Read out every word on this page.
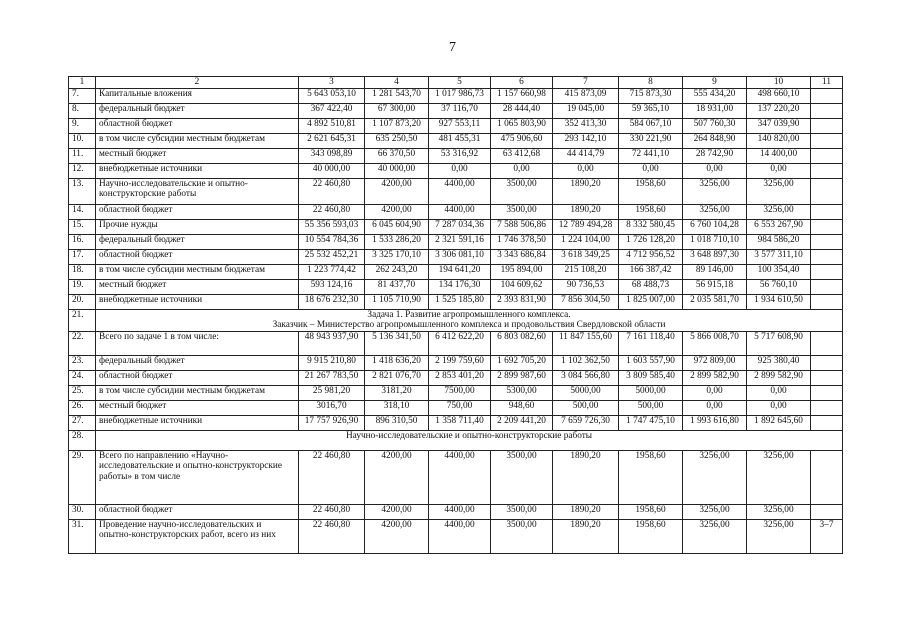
7
1	2	3	4	5	6	7	8	9	10	11
7.	Капитальные вложения	5 643 053,10	1 281 543,70	1 017 986,73	1 157 660,98	415 873,09	715 873,30	555 434,20	498 660,10	
8.	федеральный бюджет	367 422,40	67 300,00	37 116,70	28 444,40	19 045,00	59 365,10	18 931,00	137 220,20	
9.	областной бюджет	4 892 510,81	1 107 873,20	927 553,11	1 065 803,90	352 413,30	584 067,10	507 760,30	347 039,90	
10.	в том числе субсидии местным бюджетам	2 621 645,31	635 250,50	481 455,31	475 906,60	293 142,10	330 221,90	264 848,90	140 820,00	
11.	местный бюджет	343 098,89	66 370,50	53 316,92	63 412,68	44 414,79	72 441,10	28 742,90	14 400,00	
12.	внебюджетные источники	40 000,00	40 000,00	0,00	0,00	0,00	0,00	0,00	0,00	
13.	Научно-исследовательские и опытно-конструкторские работы	22 460,80	4200,00	4400,00	3500,00	1890,20	1958,60	3256,00	3256,00	
14.	областной бюджет	22 460,80	4200,00	4400,00	3500,00	1890,20	1958,60	3256,00	3256,00	
15.	Прочие нужды	55 356 593,03	6 045 604,90	7 287 034,36	7 588 506,86	12 789 494,28	8 332 580,45	6 760 104,28	6 553 267,90	
16.	федеральный бюджет	10 554 784,36	1 533 286,20	2 321 591,16	1 746 378,50	1 224 104,00	1 726 128,20	1 018 710,10	984 586,20	
17.	областной бюджет	25 532 452,21	3 325 170,10	3 306 081,10	3 343 686,84	3 618 349,25	4 712 956,52	3 648 897,30	3 577 311,10	
18.	в том числе субсидии местным бюджетам	1 223 774,42	262 243,20	194 641,20	195 894,00	215 108,20	166 387,42	89 146,00	100 354,40	
19.	местный бюджет	593 124,16	81 437,70	134 176,30	104 609,62	90 736,53	68 488,73	56 915,18	56 760,10	
20.	внебюджетные источники	18 676 232,30	1 105 710,90	1 525 185,80	2 393 831,90	7 856 304,50	1 825 007,00	2 035 581,70	1 934 610,50	
21.	Задача 1. Развитие агропромышленного комплекса.
Заказчик – Министерство агропромышленного комплекса и продовольствия Свердловской области									

22.	Всего по задаче 1 в том числе:	48 943 937,90	5 136 341,50	6 412 622,20	6 803 082,60	11 847 155,60	7 161 118,40	5 866 008,70	5 717 608,90	
23.	федеральный бюджет	9 915 210,80	1 418 636,20	2 199 759,60	1 692 705,20	1 102 362,50	1 603 557,90	972 809,00	925 380,40	
24.	областной бюджет	21 267 783,50	2 821 076,70	2 853 401,20	2 899 987,60	3 084 566,80	3 809 585,40	2 899 582,90	2 899 582,90	
25.	в том числе субсидии местным бюджетам	25 981,20	3181,20	7500,00	5300,00	5000,00	5000,00	0,00	0,00	
26.	местный бюджет	3016,70	318,10	750,00	948,60	500,00	500,00	0,00	0,00	
27.	внебюджетные источники	17 757 926,90	896 310,50	1 358 711,40	2 209 441,20	7 659 726,30	1 747 475,10	1 993 616,80	1 892 645,60	
28.	Научно-исследовательские и опытно-конструкторские работы									

29.	Всего по направлению «Научно-исследовательские и опытно-конструкторские работы» в том числе	22 460,80	4200,00	4400,00	3500,00	1890,20	1958,60	3256,00	3256,00	
30.	областной бюджет	22 460,80	4200,00	4400,00	3500,00	1890,20	1958,60	3256,00	3256,00	
31.	Проведение научно-исследовательских и опытно-конструкторских работ, всего из них	22 460,80	4200,00	4400,00	3500,00	1890,20	1958,60	3256,00	3256,00	3–7
